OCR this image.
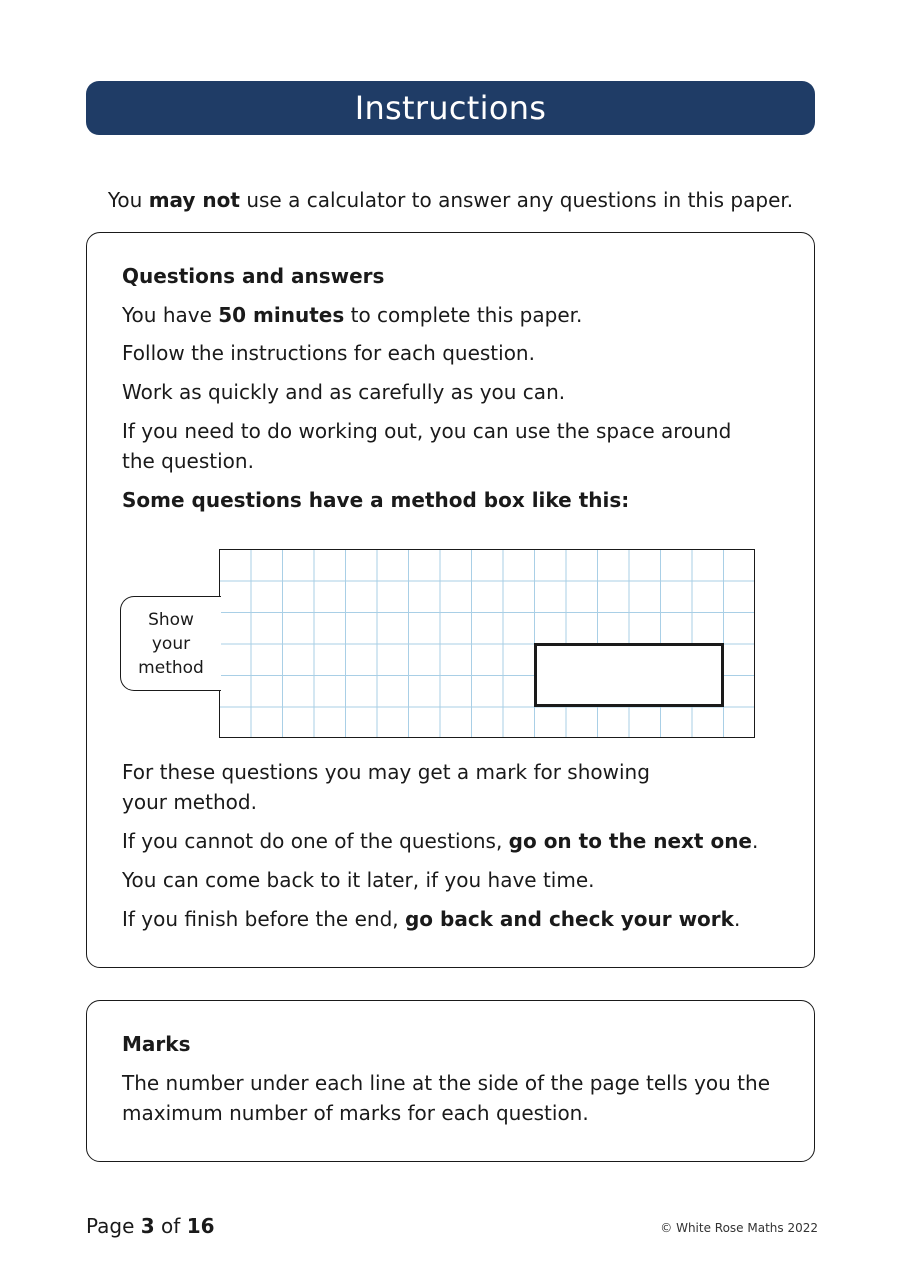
Instructions

You may not use a calculator to answer any questions in this paper.

Questions and answers

You have 50 minutes to complete this paper.

Follow the instructions for each question.

Work as quickly and as carefully as you can.

If you need to do working out, you can use the space around
the question.

Some questions have a method box like this:

Show
your
method

For these questions you may get a mark for showing
your method.

If you cannot do one of the questions, go on to the next one.

You can come back to it later, if you have time.

If you finish before the end, go back and check your work.

Marks

The number under each line at the side of the page tells you the
maximum number of marks for each question.

Page 3 of 16	© White Rose Maths 2022
